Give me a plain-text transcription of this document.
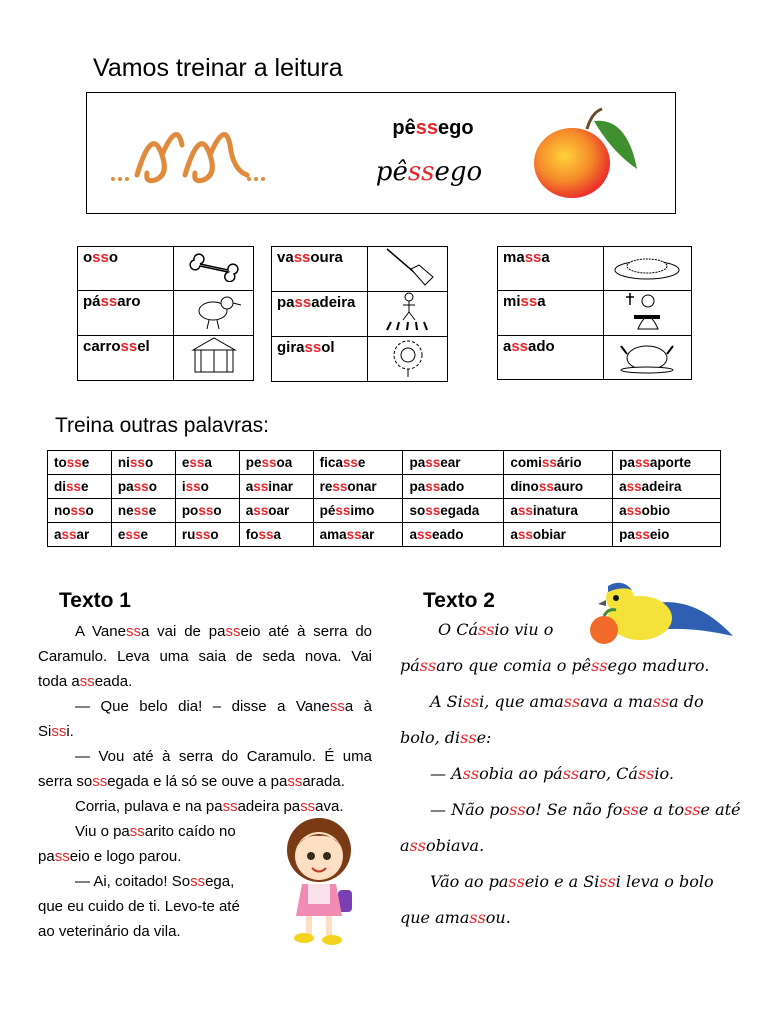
Vamos treinar a leitura
pêssego
pêssego
osso	
pássaro	
carrossel	
vassoura	
passadeira	
girassol	
massa	
missa	
assado	
Treina outras palavras:
tosse	nisso	essa	pessoa	ficasse	passear	comissário	passaporte
disse	passo	isso	assinar	ressonar	passado	dinossauro	assadeira
nosso	nesse	posso	assoar	péssimo	sossegada	assinatura	assobio
assar	esse	russo	fossa	amassar	asseado	assobiar	passeio
Texto 1

A Vanessa vai de passeio até à serra do

Caramulo. Leva uma saia de seda nova. Vai

toda asseada.

— Que belo dia! – disse a Vanessa à

Sissi.

— Vou até à serra do Caramulo. É uma

serra sossegada e lá só se ouve a passarada.

Corria, pulava e na passadeira passava.

Viu o passarito caído no

passeio e logo parou.

— Ai, coitado! Sossega,

que eu cuido de ti. Levo-te até

ao veterinário da vila.

Texto 2
O Cássio viu o
pássaro que comia o pêssego maduro.
A Sissi, que amassava a massa do
bolo, disse:
— Assobia ao pássaro, Cássio.
— Não posso! Se não fosse a tosse até
assobiava.
Vão ao passeio e a Sissi leva o bolo
que amassou.
